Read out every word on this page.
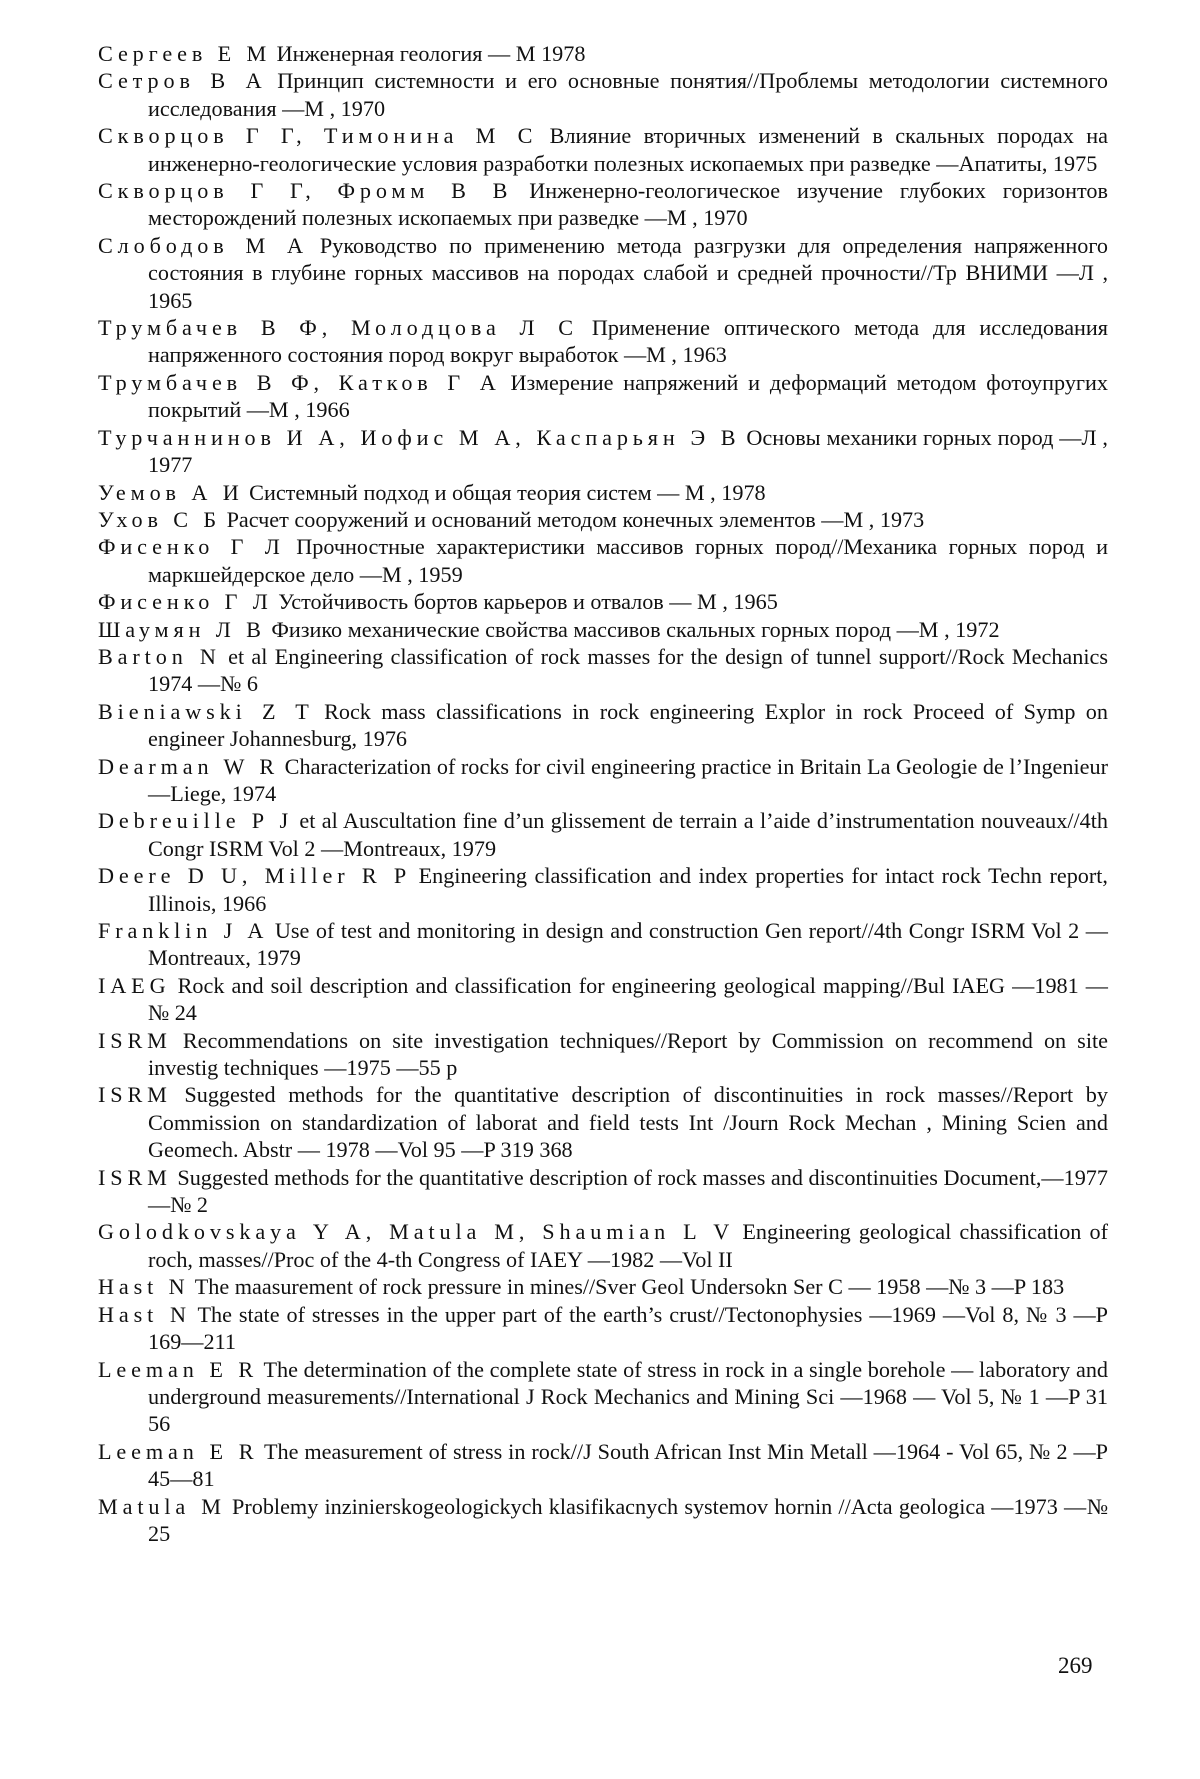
Сергеев Е М Инженерная геология — М 1978
Сетров В А Принцип системности и его основные понятия//Проблемы методологии системного исследования —М , 1970
Скворцов Г Г, Тимонина М С Влияние вторичных изменений в скальных породах на инженерно-геологические условия разработки полезных ископаемых при разведке —Апатиты, 1975
Скворцов Г Г, Фромм В В Инженерно-геологическое изучение глубоких горизонтов месторождений полезных ископаемых при разведке —М , 1970
Слободов М А Руководство по применению метода разгрузки для определения напряженного состояния в глубине горных массивов на породах слабой и средней прочности//Тр ВНИМИ —Л , 1965
Трумбачев В Ф, Молодцова Л С Применение оптического метода для исследования напряженного состояния пород вокруг выработок —М , 1963
Трумбачев В Ф, Катков Г А Измерение напряжений и деформаций методом фотоупругих покрытий —М , 1966
Турчаннинов И А, Иофис М А, Каспарьян Э В Основы механики горных пород —Л , 1977
Уемов А И Системный подход и общая теория систем — М , 1978
Ухов С Б Расчет сооружений и оснований методом конечных элементов —М , 1973
Фисенко Г Л Прочностные характеристики массивов горных пород//Механика горных пород и маркшейдерское дело —М , 1959
Фисенко Г Л Устойчивость бортов карьеров и отвалов — М , 1965
Шаумян Л В Физико механические свойства массивов скальных горных пород —М , 1972
Barton N et al Engineering classification of rock masses for the design of tunnel support//Rock Mechanics 1974 —№ 6
Bieniawski Z T Rock mass classifications in rock engineering Explor in rock Proceed of Symp on engineer Johannesburg, 1976
Dearman W R Characterization of rocks for civil engineering practice in Britain La Geologie de l’Ingenieur —Liege, 1974
Debreuille P J et al Auscultation fine d’un glissement de terrain a l’aide d’instrumentation nouveaux//4th Congr ISRM Vol 2 —Montreaux, 1979
Deere D U, Miller R P Engineering classification and index properties for intact rock Techn report, Illinois, 1966
Franklin J A Use of test and monitoring in design and construction Gen report//4th Congr ISRM Vol 2 —Montreaux, 1979
IAEG Rock and soil description and classification for engineering geological mapping//Bul IAEG —1981 —№ 24
ISRM Recommendations on site investigation techniques//Report by Commission on recommend on site investig techniques —1975 —55 p
ISRM Suggested methods for the quantitative description of discontinuities in rock masses//Report by Commission on standardization of laborat and field tests Int /Journ Rock Mechan , Mining Scien and Geomech. Abstr — 1978 —Vol 95 —P 319 368
ISRM Suggested methods for the quantitative description of rock masses and discontinuities Document,—1977 —№ 2
Golodkovskaya Y A, Matula M, Shaumian L V Engineering geological chassification of roch, masses//Proc of the 4-th Congress of IAEY —1982 —Vol II
Hast N The maasurement of rock pressure in mines//Sver Geol Undersokn Ser C — 1958 —№ 3 —P 183
Hast N The state of stresses in the upper part of the earth’s crust//Tectonophysies —1969 —Vol 8, № 3 —P 169—211
Leeman E R The determination of the complete state of stress in rock in a single borehole — laboratory and underground measurements//International J Rock Mechanics and Mining Sci —1968 — Vol 5, № 1 —P 31 56
Leeman E R The measurement of stress in rock//J South African Inst Min Metall —1964 - Vol 65, № 2 —P 45—81
Matula M Problemy inzinierskogeologickych klasifikacnych systemov hornin //Acta geologica —1973 —№ 25
269
